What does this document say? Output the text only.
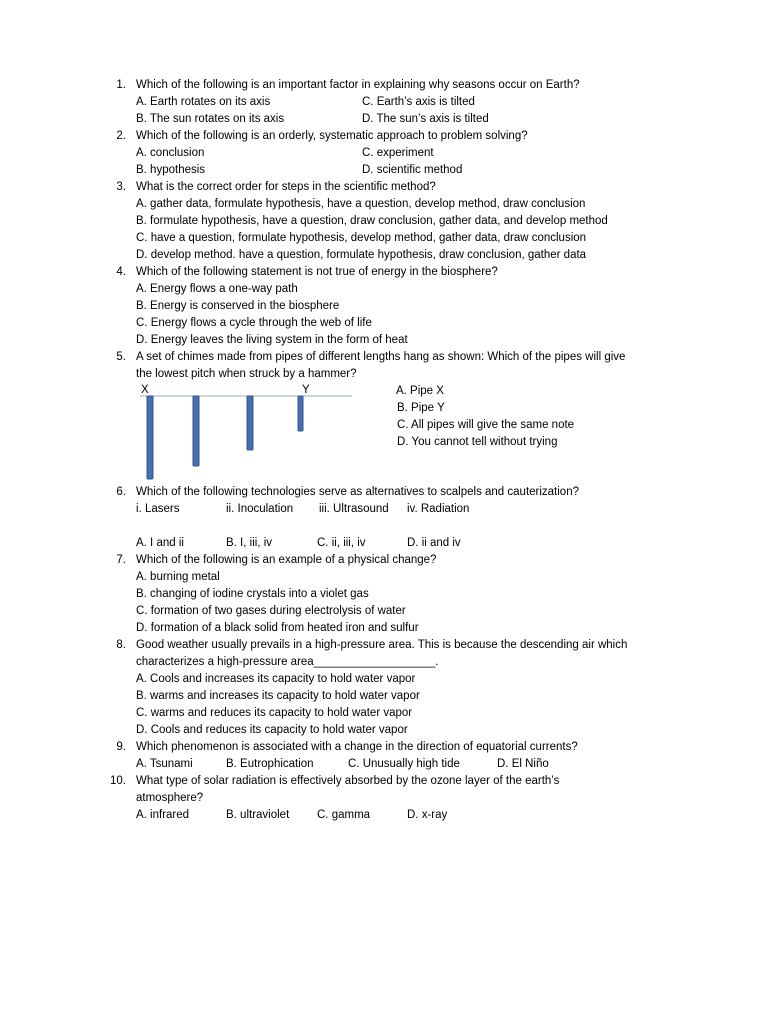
1. Which of the following is an important factor in explaining why seasons occur on Earth?
A. Earth rotates on its axis	C. Earth’s axis is tilted
B. The sun rotates on its axis	D. The sun’s axis is tilted
2. Which of the following is an orderly, systematic approach to problem solving?
A. conclusion	C. experiment
B. hypothesis	D. scientific method
3. What is the correct order for steps in the scientific method?
A. gather data, formulate hypothesis, have a question, develop method, draw conclusion
B. formulate hypothesis, have a question, draw conclusion, gather data, and develop method
C. have a question, formulate hypothesis, develop method, gather data, draw conclusion
D. develop method. have a question, formulate hypothesis, draw conclusion, gather data
4. Which of the following statement is not true of energy in the biosphere?
A. Energy flows a one-way path
B. Energy is conserved in the biosphere
C. Energy flows a cycle through the web of life
D. Energy leaves the living system in the form of heat
5. A set of chimes made from pipes of different lengths hang as shown: Which of the pipes will give
the lowest pitch when struck by a hammer?
X	Y	A. Pipe X
B. Pipe Y
C. All pipes will give the same note
D. You cannot tell without trying
6. Which of the following technologies serve as alternatives to scalpels and cauterization?
i. Lasers	ii. Inoculation iii. Ultrasound iv. Radiation
A. I and ii	B. I, iii, iv	C. ii, iii, iv	D. ii and iv
7. Which of the following is an example of a physical change?
A. burning metal
B. changing of iodine crystals into a violet gas
C. formation of two gases during electrolysis of water
D. formation of a black solid from heated iron and sulfur
8. Good weather usually prevails in a high-pressure area. This is because the descending air which
characterizes a high-pressure area___________________.
A. Cools and increases its capacity to hold water vapor
B. warms and increases its capacity to hold water vapor
C. warms and reduces its capacity to hold water vapor
D. Cools and reduces its capacity to hold water vapor
9. Which phenomenon is associated with a change in the direction of equatorial currents?
A. Tsunami	B. Eutrophication	C. Unusually high tide	D. El Niño
10. What type of solar radiation is effectively absorbed by the ozone layer of the earth’s
atmosphere?
A. infrared	B. ultraviolet C. gamma	D. x-ray
